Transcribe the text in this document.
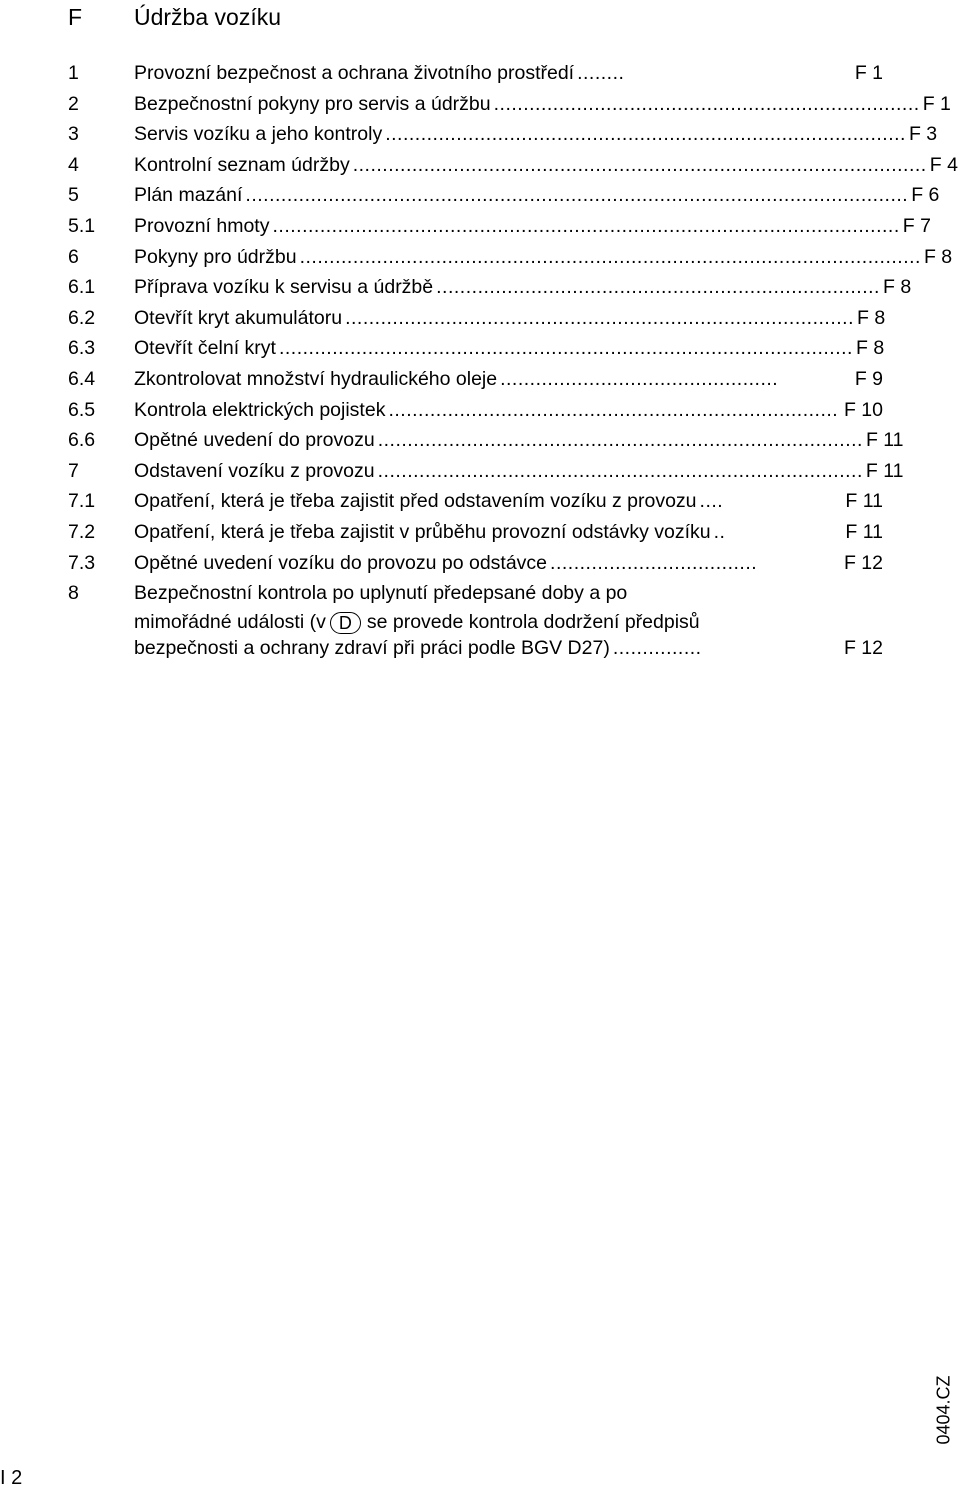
F Údržba vozíku
1	Provozní bezpečnost a ochrana životního prostředí ........	F 1
2	Bezpečnostní pokyny pro servis a údržbu ........................................................................ F 1
3	Servis vozíku a jeho kontroly ........................................................................................ F 3
4	Kontrolní seznam údržby ................................................................................................. F 4
5	Plán mazání ................................................................................................................ F 6
5.1 Provozní hmoty .......................................................................................................... F 7
6	Pokyny pro údržbu ......................................................................................................... F 8
6.1 Příprava vozíku k servisu a údržbě ........................................................................... F 8
6.2 Otevřít kryt akumulátoru ...................................................................................... F 8
6.3 Otevřít čelní kryt ................................................................................................. F 8
6.4 Zkontrolovat množství hydraulického oleje ...............................................	F 9
6.5 Kontrola elektrických pojistek ............................................................................ F 10
6.6 Opětné uvedení do provozu .................................................................................. F 11
7	Odstavení vozíku z provozu .................................................................................. F 11
7.1 Opatření, která je třeba zajistit před odstavením vozíku z provozu ....	F 11
7.2 Opatření, která je třeba zajistit v průběhu provozní odstávky vozíku ..	F 11
7.3 Opětné uvedení vozíku do provozu po odstávce ...................................	F 12
8	Bezpečnostní kontrola po uplynutí předepsané doby a po
mimořádné události (v D se provede kontrola dodržení předpisů
bezpečnosti a ochrany zdraví při práci podle BGV D27) ...............	F 12
0404.CZ
I 2
